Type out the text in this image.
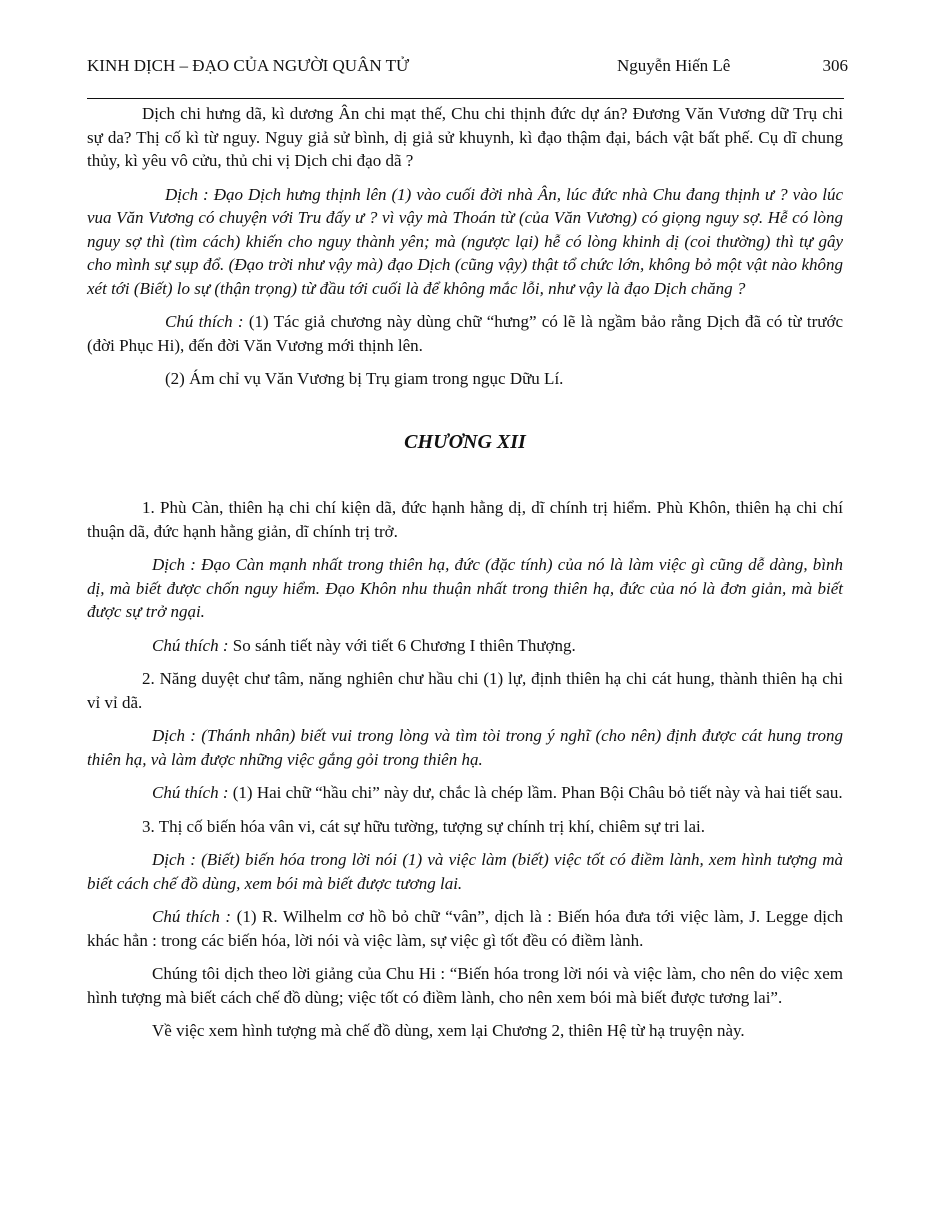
KINH DỊCH – ĐẠO CỦA NGƯỜI QUÂN TỬ	Nguyễn Hiến Lê	306

Dịch chi hưng dã, kì dương Ân chi mạt thế, Chu chi thịnh đức dự án? Đương Văn Vương dữ Trụ chi sự da? Thị cố kì từ nguy. Nguy giả sử bình, dị giả sử khuynh, kì đạo thậm đại, bách vật bất phế. Cụ dĩ chung thủy, kì yêu vô cửu, thủ chi vị Dịch chi đạo dã ?

Dịch : Đạo Dịch hưng thịnh lên (1) vào cuối đời nhà Ân, lúc đức nhà Chu đang thịnh ư ? vào lúc vua Văn Vương có chuyện với Tru đấy ư ? vì vậy mà Thoán từ (của Văn Vương) có giọng nguy sợ. Hễ có lòng nguy sợ thì (tìm cách) khiến cho nguy thành yên; mà (ngược lại) hễ có lòng khinh dị (coi thường) thì tự gây cho mình sự sụp đổ. (Đạo trời như vậy mà) đạo Dịch (cũng vậy) thật tổ chức lớn, không bỏ một vật nào không xét tới (Biết) lo sự (thận trọng) từ đầu tới cuối là để không mắc lỗi, như vậy là đạo Dịch chăng ?

Chú thích : (1) Tác giả chương này dùng chữ “hưng” có lẽ là ngầm bảo rằng Dịch đã có từ trước (đời Phục Hi), đến đời Văn Vương mới thịnh lên.

(2) Ám chỉ vụ Văn Vương bị Trụ giam trong ngục Dữu Lí.

CHƯƠNG XII

1. Phù Càn, thiên hạ chi chí kiện dã, đức hạnh hằng dị, dĩ chính trị hiểm. Phù Khôn, thiên hạ chi chí thuận dã, đức hạnh hằng giản, dĩ chính trị trở.

Dịch : Đạo Càn mạnh nhất trong thiên hạ, đức (đặc tính) của nó là làm việc gì cũng dễ dàng, bình dị, mà biết được chốn nguy hiểm. Đạo Khôn nhu thuận nhất trong thiên hạ, đức của nó là đơn giản, mà biết được sự trở ngại.

Chú thích : So sánh tiết này với tiết 6 Chương I thiên Thượng.

2. Năng duyệt chư tâm, năng nghiên chư hầu chi (1) lự, định thiên hạ chi cát hung, thành thiên hạ chi vỉ vỉ dã.

Dịch : (Thánh nhân) biết vui trong lòng và tìm tòi trong ý nghĩ (cho nên) định được cát hung trong thiên hạ, và làm được những việc gắng gỏi trong thiên hạ.

Chú thích : (1) Hai chữ “hầu chi” này dư, chắc là chép lầm. Phan Bội Châu bỏ tiết này và hai tiết sau.

3. Thị cố biến hóa vân vi, cát sự hữu tường, tượng sự chính trị khí, chiêm sự tri lai.

Dịch : (Biết) biến hóa trong lời nói (1) và việc làm (biết) việc tốt có điềm lành, xem hình tượng mà biết cách chế đồ dùng, xem bói mà biết được tương lai.

Chú thích : (1) R. Wilhelm cơ hồ bỏ chữ “vân”, dịch là : Biến hóa đưa tới việc làm, J. Legge dịch khác hẳn : trong các biến hóa, lời nói và việc làm, sự việc gì tốt đều có điềm lành.

Chúng tôi dịch theo lời giảng của Chu Hi : “Biến hóa trong lời nói và việc làm, cho nên do việc xem hình tượng mà biết cách chế đồ dùng; việc tốt có điềm lành, cho nên xem bói mà biết được tương lai”.

Về việc xem hình tượng mà chế đồ dùng, xem lại Chương 2, thiên Hệ từ hạ truyện này.
